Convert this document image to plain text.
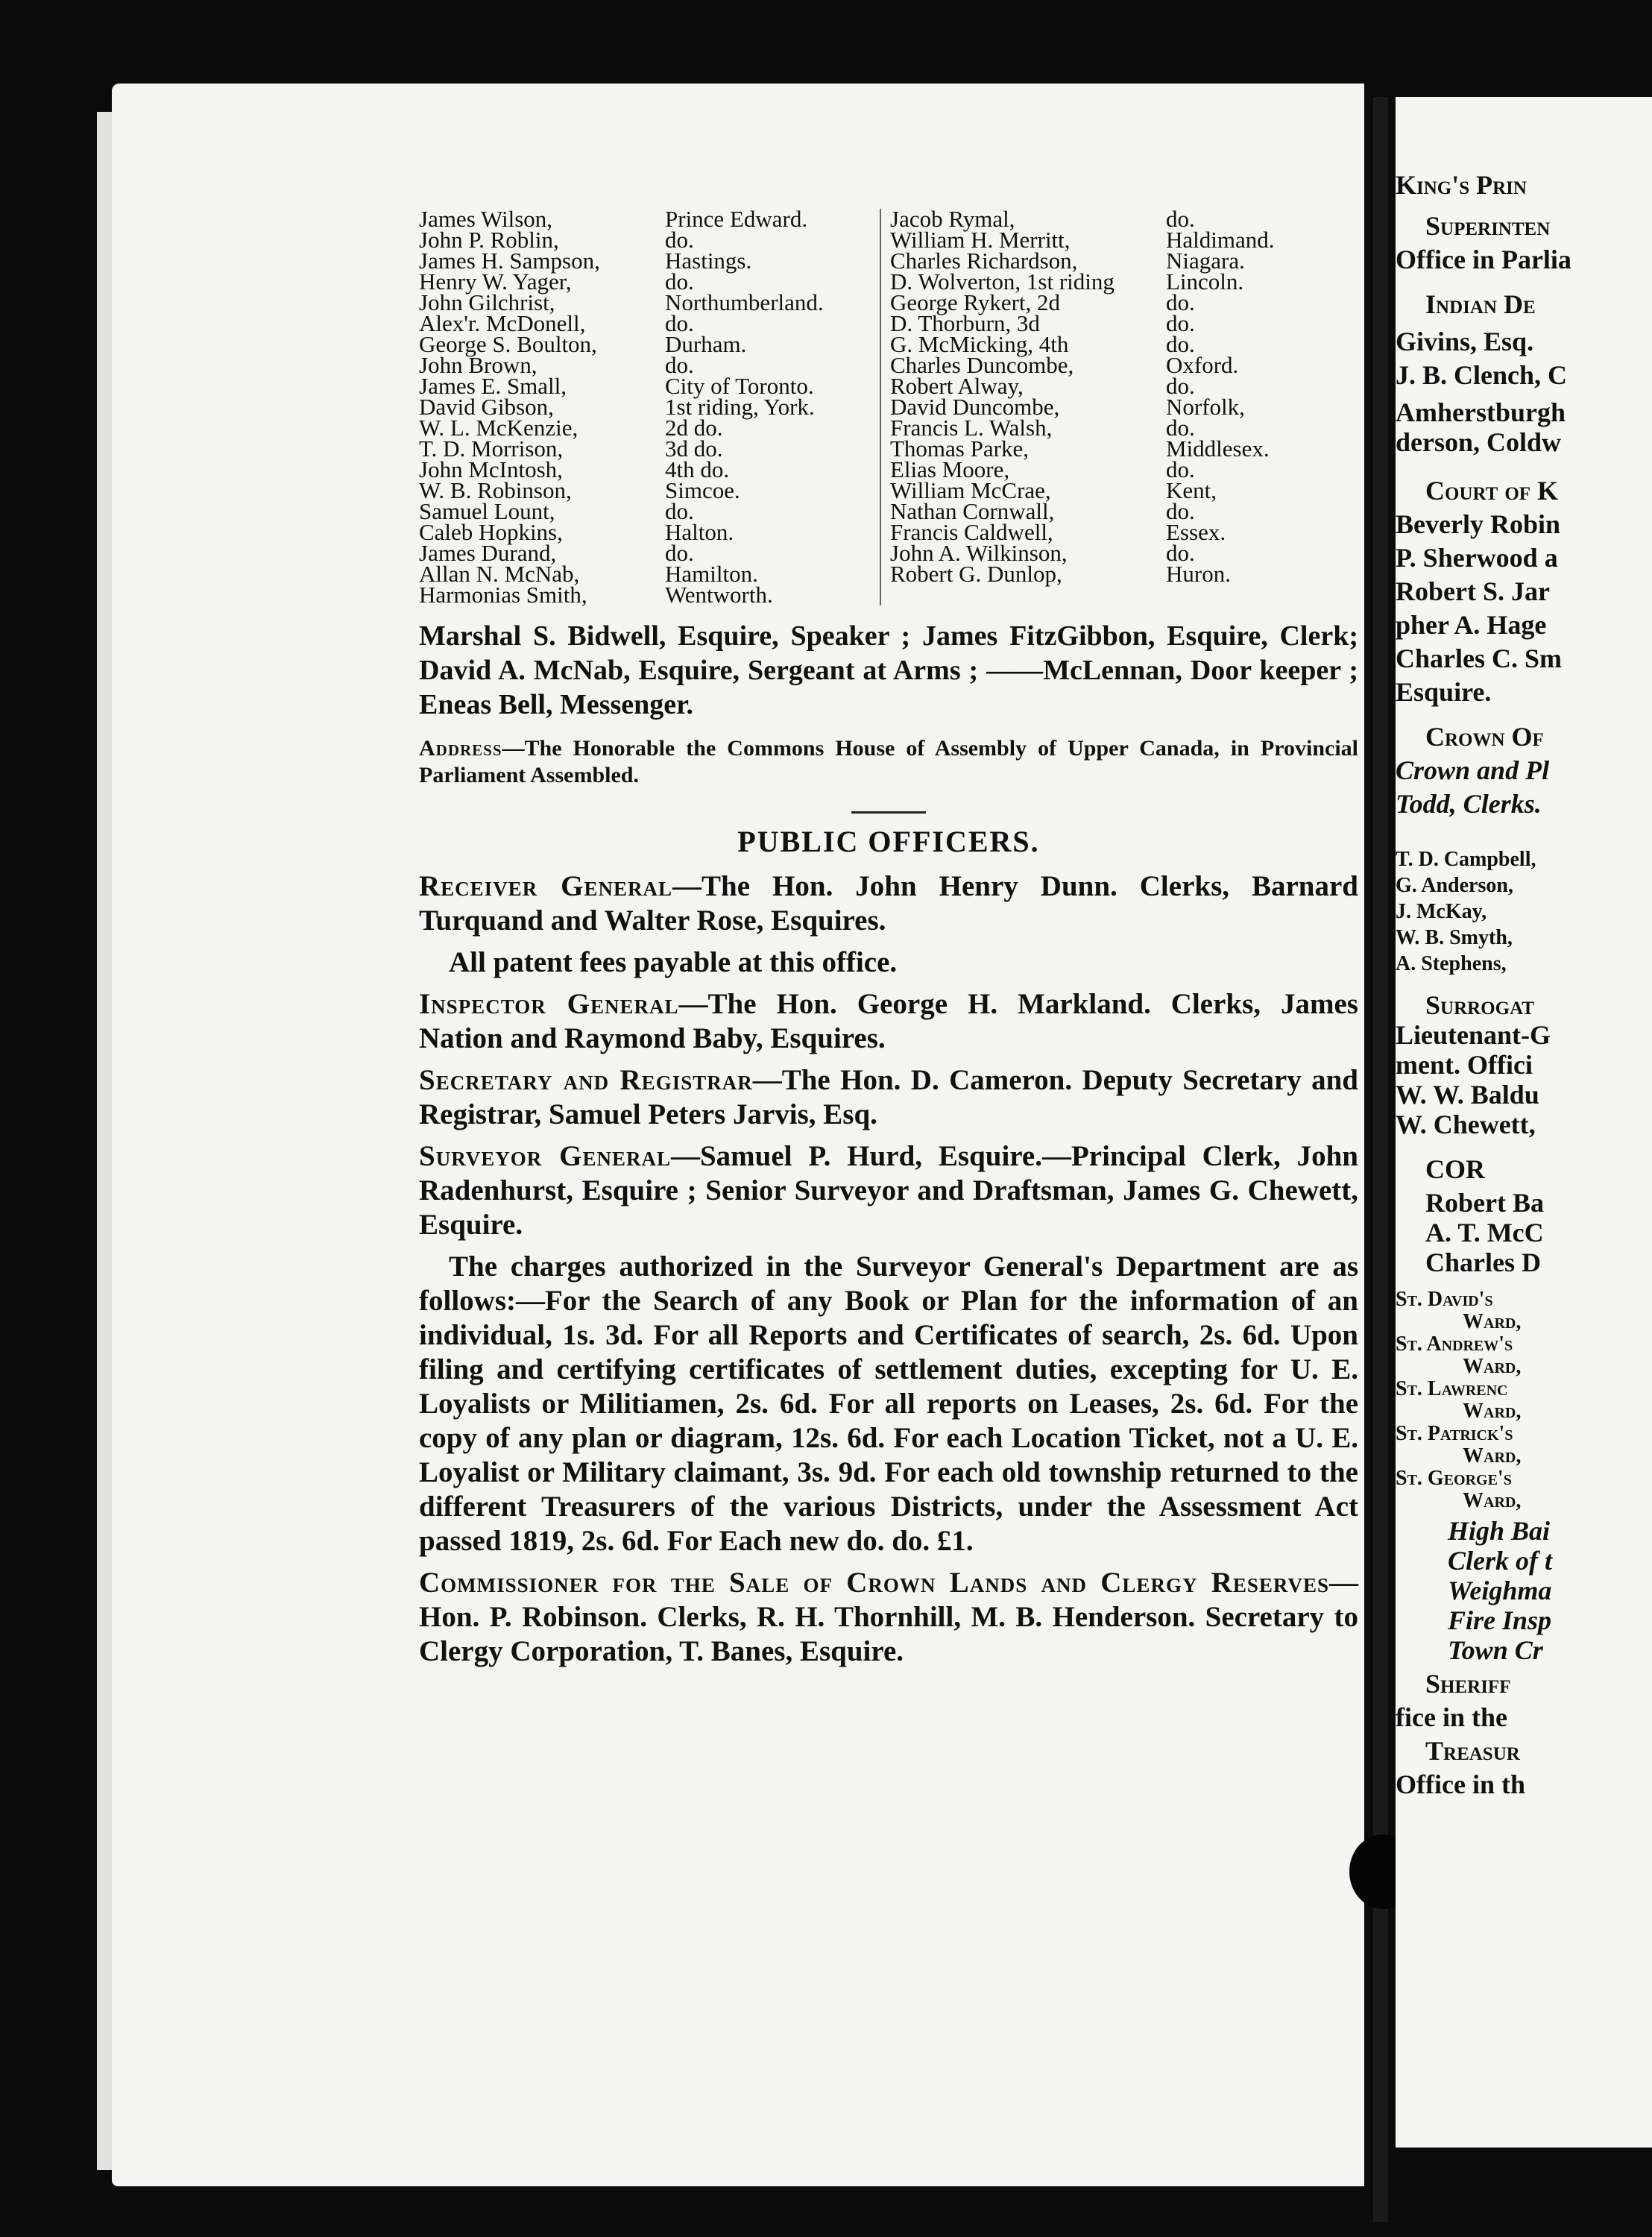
James Wilson,	Prince Edward.
John P. Roblin,	do.
James H. Sampson,	Hastings.
Henry W. Yager,	do.
John Gilchrist,	Northumberland.
Alex'r. McDonell,	do.
George S. Boulton,	Durham.
John Brown,	do.
James E. Small,	City of Toronto.
David Gibson,	1st riding, York.
W. L. McKenzie,	2d do.
T. D. Morrison,	3d do.
John McIntosh,	4th do.
W. B. Robinson,	Simcoe.
Samuel Lount,	do.
Caleb Hopkins,	Halton.
James Durand,	do.
Allan N. McNab,	Hamilton.
Harmonias Smith,	Wentworth.
Jacob Rymal,	do.
William H. Merritt,	Haldimand.
Charles Richardson,	Niagara.
D. Wolverton, 1st riding	Lincoln.
George Rykert, 2d	do.
D. Thorburn, 3d	do.
G. McMicking, 4th	do.
Charles Duncombe,	Oxford.
Robert Alway,	do.
David Duncombe,	Norfolk,
Francis L. Walsh,	do.
Thomas Parke,	Middlesex.
Elias Moore,	do.
William McCrae,	Kent,
Nathan Cornwall,	do.
Francis Caldwell,	Essex.
John A. Wilkinson,	do.
Robert G. Dunlop,	Huron.

Marshal S. Bidwell, Esquire, Speaker ; James FitzGibbon, Esquire, Clerk; David A. McNab, Esquire, Sergeant at Arms ; ——McLennan, Door keeper ; Eneas Bell, Messenger.

Address—The Honorable the Commons House of Assembly of Upper Canada, in Provincial Parliament Assembled.

PUBLIC OFFICERS.

Receiver General—The Hon. John Henry Dunn. Clerks, Barnard Turquand and Walter Rose, Esquires.

All patent fees payable at this office.

Inspector General—The Hon. George H. Markland. Clerks, James Nation and Raymond Baby, Esquires.

Secretary and Registrar—The Hon. D. Cameron. Deputy Secretary and Registrar, Samuel Peters Jarvis, Esq.

Surveyor General—Samuel P. Hurd, Esquire.—Principal Clerk, John Radenhurst, Esquire ; Senior Surveyor and Draftsman, James G. Chewett, Esquire.

The charges authorized in the Surveyor General's Department are as follows:—For the Search of any Book or Plan for the information of an individual, 1s. 3d. For all Reports and Certificates of search, 2s. 6d. Upon filing and certifying certificates of settlement duties, excepting for U. E. Loyalists or Militiamen, 2s. 6d. For all reports on Leases, 2s. 6d. For the copy of any plan or diagram, 12s. 6d. For each Location Ticket, not a U. E. Loyalist or Military claimant, 3s. 9d. For each old township returned to the different Treasurers of the various Districts, under the Assessment Act passed 1819, 2s. 6d. For Each new do. do. £1.

Commissioner for the Sale of Crown Lands and Clergy Reserves—Hon. P. Robinson. Clerks, R. H. Thornhill, M. B. Henderson. Secretary to Clergy Corporation, T. Banes, Esquire.

King's Prin
Superinten
Office in Parlia
Indian De
Givins, Esq.
J. B. Clench, C
Amherstburgh
derson, Coldw
Court of K
Beverly Robin
P. Sherwood a
Robert S. Jar
pher A. Hage
Charles C. Sm
Esquire.
Crown Of
Crown and Pl
Todd, Clerks.
T. D. Campbell,
G. Anderson,
J. McKay,
W. B. Smyth,
A. Stephens,
Surrogat
Lieutenant-G
ment. Offici
W. W. Baldu
W. Chewett,
COR
Robert Ba
A. T. McC
Charles D
St. David's
Ward,
St. Andrew's
Ward,
St. Lawrenc
Ward,
St. Patrick's
Ward,
St. George's
Ward,
High Bai
Clerk of t
Weighma
Fire Insp
Town Cr
Sheriff
fice in the
Treasur
Office in th
